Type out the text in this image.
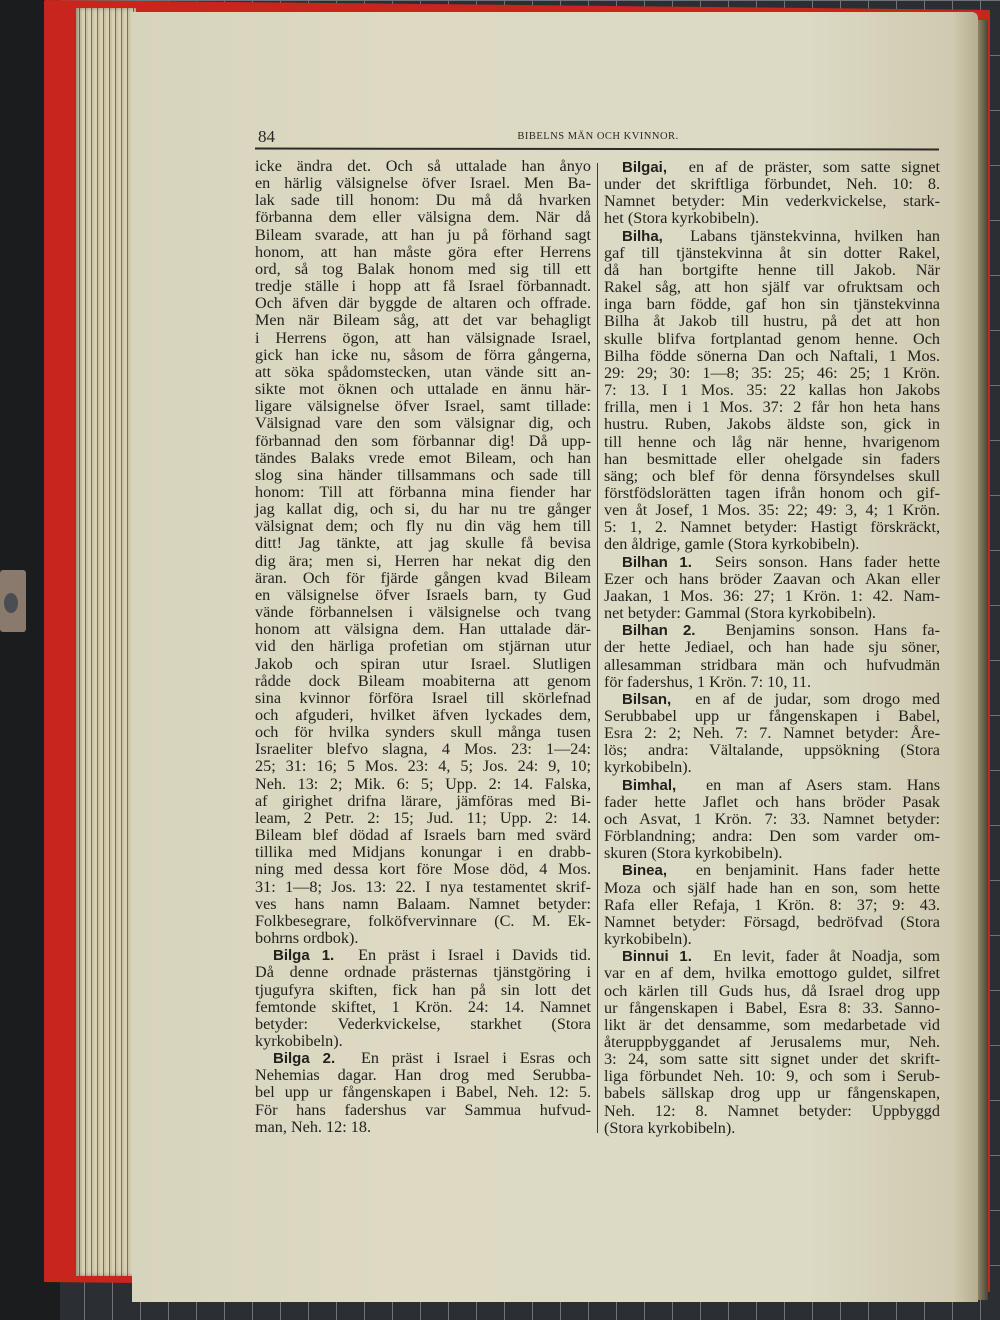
84	BIBELNS MÄN OCH KVINNOR.
icke ändra det. Och så uttalade han ånyo
en härlig välsignelse öfver Israel. Men Ba-
lak sade till honom: Du må då hvarken
förbanna dem eller välsigna dem. När då
Bileam svarade, att han ju på förhand sagt
honom, att han måste göra efter Herrens
ord, så tog Balak honom med sig till ett
tredje ställe i hopp att få Israel förbannadt.
Och äfven där byggde de altaren och offrade.
Men när Bileam såg, att det var behagligt
i Herrens ögon, att han välsignade Israel,
gick han icke nu, såsom de förra gångerna,
att söka spådomstecken, utan vände sitt an-
sikte mot öknen och uttalade en ännu här-
ligare välsignelse öfver Israel, samt tillade:
Välsignad vare den som välsignar dig, och
förbannad den som förbannar dig! Då upp-
tändes Balaks vrede emot Bileam, och han
slog sina händer tillsammans och sade till
honom: Till att förbanna mina fiender har
jag kallat dig, och si, du har nu tre gånger
välsignat dem; och fly nu din väg hem till
ditt! Jag tänkte, att jag skulle få bevisa
dig ära; men si, Herren har nekat dig den
äran. Och för fjärde gången kvad Bileam
en välsignelse öfver Israels barn, ty Gud
vände förbannelsen i välsignelse och tvang
honom att välsigna dem. Han uttalade där-
vid den härliga profetian om stjärnan utur
Jakob och spiran utur Israel. Slutligen
rådde dock Bileam moabiterna att genom
sina kvinnor förföra Israel till skörlefnad
och afguderi, hvilket äfven lyckades dem,
och för hvilka synders skull många tusen
Israeliter blefvo slagna, 4 Mos. 23: 1—24:
25; 31: 16; 5 Mos. 23: 4, 5; Jos. 24: 9, 10;
Neh. 13: 2; Mik. 6: 5; Upp. 2: 14. Falska,
af girighet drifna lärare, jämföras med Bi-
leam, 2 Petr. 2: 15; Jud. 11; Upp. 2: 14.
Bileam blef dödad af Israels barn med svärd
tillika med Midjans konungar i en drabb-
ning med dessa kort före Mose död, 4 Mos.
31: 1—8; Jos. 13: 22. I nya testamentet skrif-
ves hans namn Balaam. Namnet betyder:
Folkbesegrare, folköfvervinnare (C. M. Ek-
bohrns ordbok).
Bilga 1. En präst i Israel i Davids tid.
Då denne ordnade prästernas tjänstgöring i
tjugufyra skiften, fick han på sin lott det
femtonde skiftet, 1 Krön. 24: 14. Namnet
betyder: Vederkvickelse, starkhet (Stora
kyrkobibeln).
Bilga 2. En präst i Israel i Esras och
Nehemias dagar. Han drog med Serubba-
bel upp ur fångenskapen i Babel, Neh. 12: 5.
För hans fadershus var Sammua hufvud-
man, Neh. 12: 18.
Bilgai, en af de präster, som satte signet
under det skriftliga förbundet, Neh. 10: 8.
Namnet betyder: Min vederkvickelse, stark-
het (Stora kyrkobibeln).
Bilha, Labans tjänstekvinna, hvilken han
gaf till tjänstekvinna åt sin dotter Rakel,
då han bortgifte henne till Jakob. När
Rakel såg, att hon själf var ofruktsam och
inga barn födde, gaf hon sin tjänstekvinna
Bilha åt Jakob till hustru, på det att hon
skulle blifva fortplantad genom henne. Och
Bilha födde sönerna Dan och Naftali, 1 Mos.
29: 29; 30: 1—8; 35: 25; 46: 25; 1 Krön.
7: 13. I 1 Mos. 35: 22 kallas hon Jakobs
frilla, men i 1 Mos. 37: 2 får hon heta hans
hustru. Ruben, Jakobs äldste son, gick in
till henne och låg när henne, hvarigenom
han besmittade eller ohelgade sin faders
säng; och blef för denna försyndelses skull
förstfödslorätten tagen ifrån honom och gif-
ven åt Josef, 1 Mos. 35: 22; 49: 3, 4; 1 Krön.
5: 1, 2. Namnet betyder: Hastigt förskräckt,
den åldrige, gamle (Stora kyrkobibeln).
Bilhan 1. Seirs sonson. Hans fader hette
Ezer och hans bröder Zaavan och Akan eller
Jaakan, 1 Mos. 36: 27; 1 Krön. 1: 42. Nam-
net betyder: Gammal (Stora kyrkobibeln).
Bilhan 2. Benjamins sonson. Hans fa-
der hette Jediael, och han hade sju söner,
allesamman stridbara män och hufvudmän
för fadershus, 1 Krön. 7: 10, 11.
Bilsan, en af de judar, som drogo med
Serubbabel upp ur fångenskapen i Babel,
Esra 2: 2; Neh. 7: 7. Namnet betyder: Åre-
lös; andra: Vältalande, uppsökning (Stora
kyrkobibeln).
Bimhal, en man af Asers stam. Hans
fader hette Jaflet och hans bröder Pasak
och Asvat, 1 Krön. 7: 33. Namnet betyder:
Förblandning; andra: Den som varder om-
skuren (Stora kyrkobibeln).
Binea, en benjaminit. Hans fader hette
Moza och själf hade han en son, som hette
Rafa eller Refaja, 1 Krön. 8: 37; 9: 43.
Namnet betyder: Försagd, bedröfvad (Stora
kyrkobibeln).
Binnui 1. En levit, fader åt Noadja, som
var en af dem, hvilka emottogo guldet, silfret
och kärlen till Guds hus, då Israel drog upp
ur fångenskapen i Babel, Esra 8: 33. Sanno-
likt är det densamme, som medarbetade vid
återuppbyggandet af Jerusalems mur, Neh.
3: 24, som satte sitt signet under det skrift-
liga förbundet Neh. 10: 9, och som i Serub-
babels sällskap drog upp ur fångenskapen,
Neh. 12: 8. Namnet betyder: Uppbyggd
(Stora kyrkobibeln).
